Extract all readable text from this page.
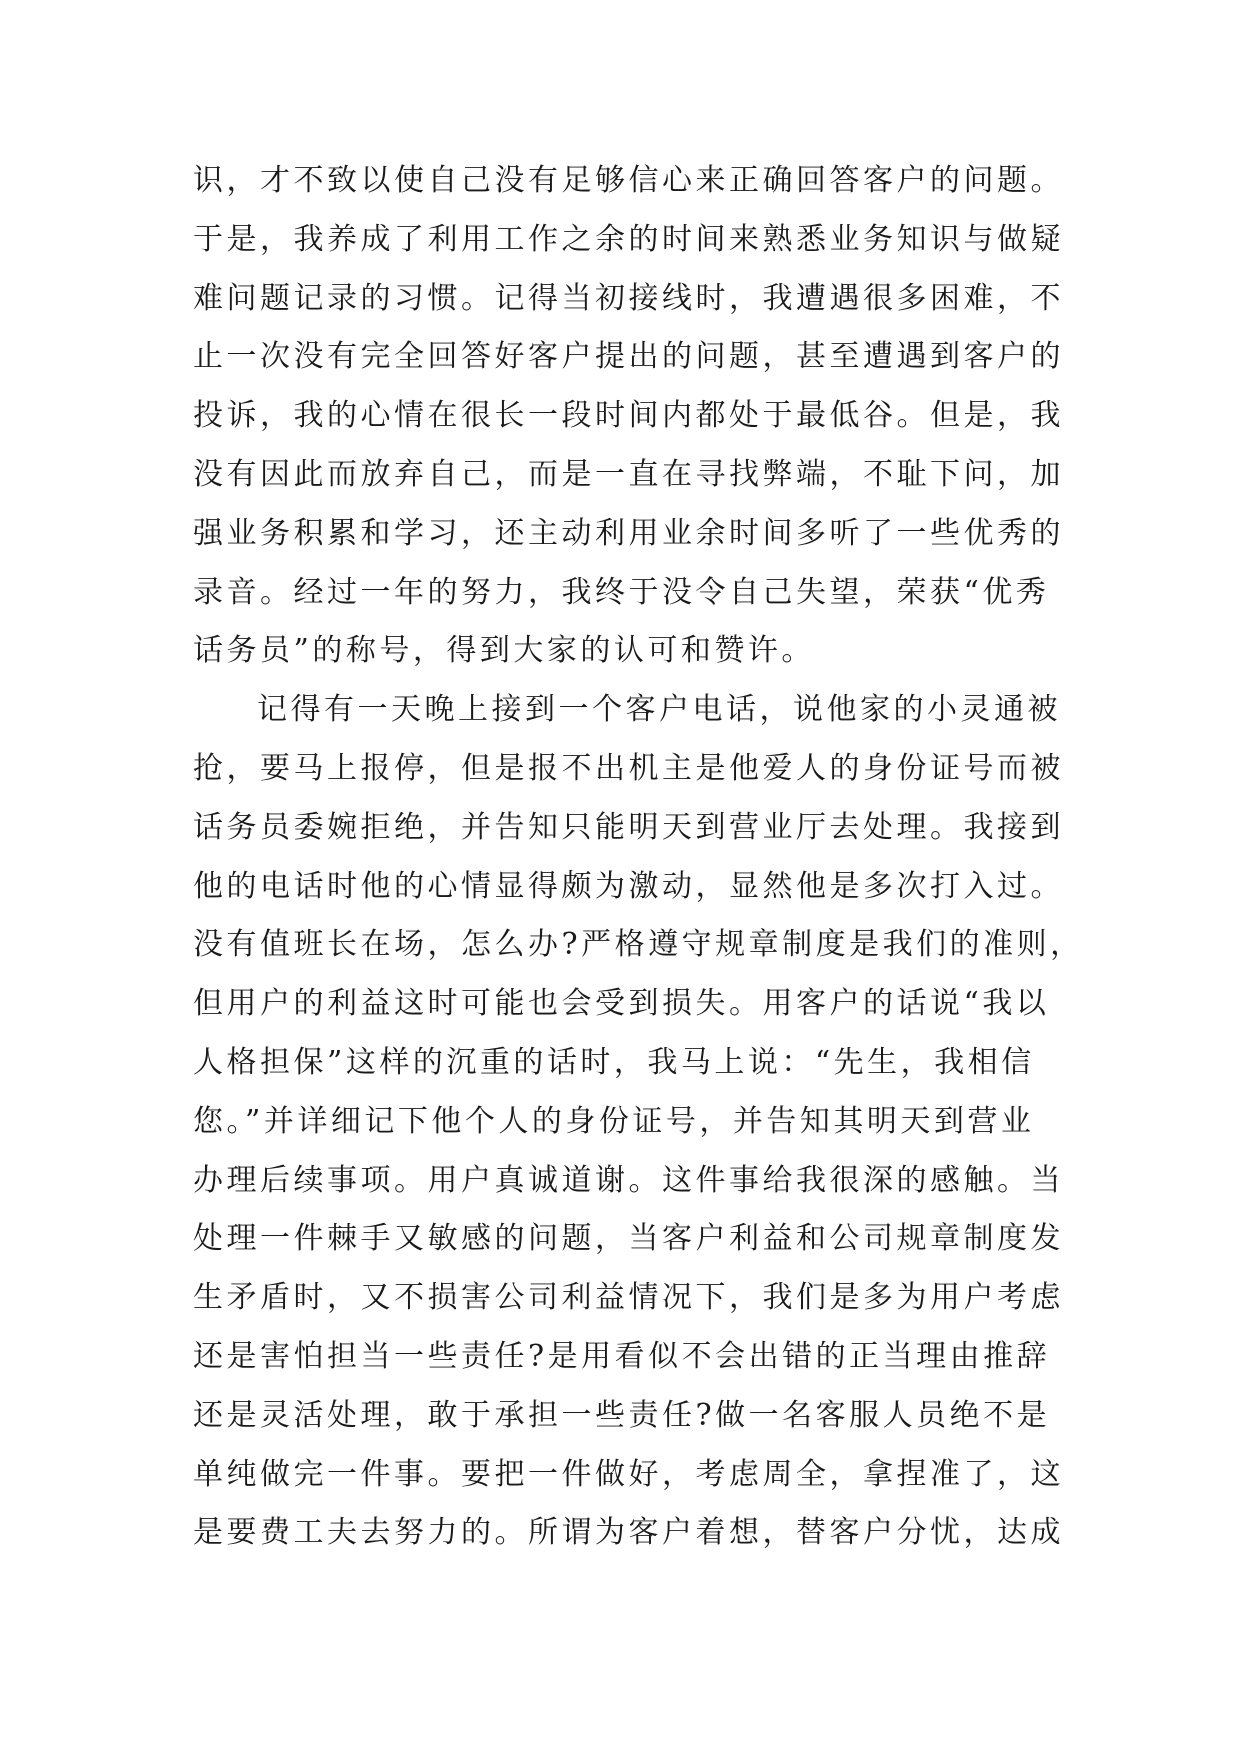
识，才不致以使自己没有足够信心来正确回答客户的问题。
于是，我养成了利用工作之余的时间来熟悉业务知识与做疑
难问题记录的习惯。记得当初接线时，我遭遇很多困难，不
止一次没有完全回答好客户提出的问题，甚至遭遇到客户的
投诉，我的心情在很长一段时间内都处于最低谷。但是，我
没有因此而放弃自己，而是一直在寻找弊端，不耻下问，加
强业务积累和学习，还主动利用业余时间多听了一些优秀的
录音。经过一年的努力，我终于没令自己失望，荣获“优秀
话务员”的称号，得到大家的认可和赞许。
记得有一天晚上接到一个客户电话，说他家的小灵通被
抢，要马上报停，但是报不出机主是他爱人的身份证号而被
话务员委婉拒绝，并告知只能明天到营业厅去处理。我接到
他的电话时他的心情显得颇为激动，显然他是多次打入过。
没有值班长在场，怎么办?严格遵守规章制度是我们的准则，
但用户的利益这时可能也会受到损失。用客户的话说“我以
人格担保”这样的沉重的话时，我马上说：“先生，我相信
您。”并详细记下他个人的身份证号，并告知其明天到营业
办理后续事项。用户真诚道谢。这件事给我很深的感触。当
处理一件棘手又敏感的问题，当客户利益和公司规章制度发
生矛盾时，又不损害公司利益情况下，我们是多为用户考虑
还是害怕担当一些责任?是用看似不会出错的正当理由推辞
还是灵活处理，敢于承担一些责任?做一名客服人员绝不是
单纯做完一件事。要把一件做好，考虑周全，拿捏准了，这
是要费工夫去努力的。所谓为客户着想，替客户分忧，达成
